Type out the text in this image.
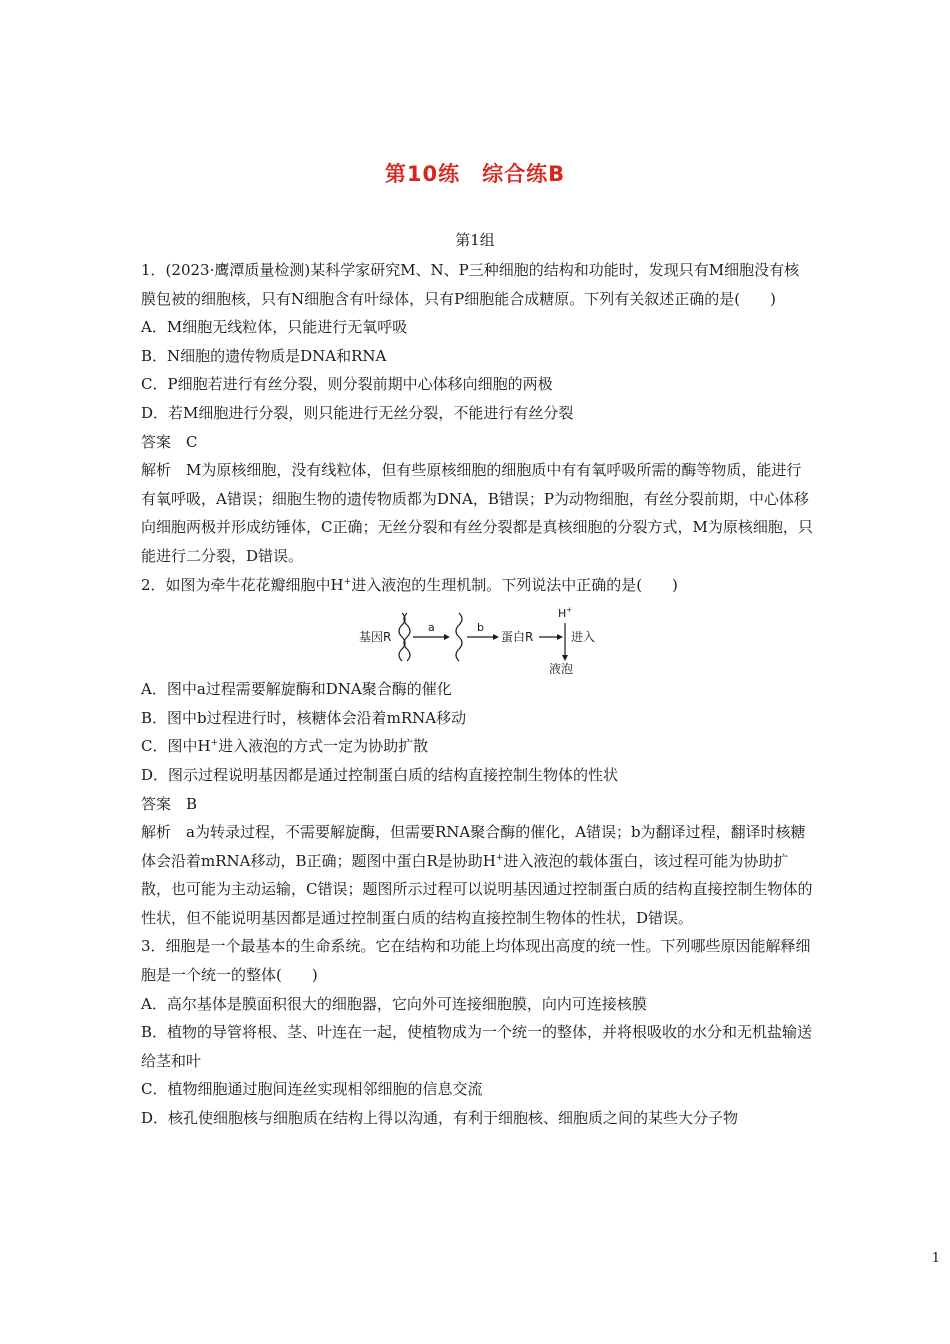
第10练　综合练B
第1组

1．(2023·鹰潭质量检测)某科学家研究M、N、P三种细胞的结构和功能时，发现只有M细胞没有核膜包被的细胞核，只有N细胞含有叶绿体，只有P细胞能合成糖原。下列有关叙述正确的是(　　)

A．M细胞无线粒体，只能进行无氧呼吸

B．N细胞的遗传物质是DNA和RNA

C．P细胞若进行有丝分裂，则分裂前期中心体移向细胞的两极

D．若M细胞进行分裂，则只能进行无丝分裂，不能进行有丝分裂

答案　C

解析　M为原核细胞，没有线粒体，但有些原核细胞的细胞质中有有氧呼吸所需的酶等物质，能进行有氧呼吸，A错误；细胞生物的遗传物质都为DNA，B错误；P为动物细胞，有丝分裂前期，中心体移向细胞两极并形成纺锤体，C正确；无丝分裂和有丝分裂都是真核细胞的分裂方式，M为原核细胞，只能进行二分裂，D错误。

2．如图为牵牛花花瓣细胞中H+进入液泡的生理机制。下列说法中正确的是(　　)

基因R
a	b
蛋白R
H+
进入
液泡

A．图中a过程需要解旋酶和DNA聚合酶的催化

B．图中b过程进行时，核糖体会沿着mRNA移动

C．图中H+进入液泡的方式一定为协助扩散

D．图示过程说明基因都是通过控制蛋白质的结构直接控制生物体的性状

答案　B

解析　a为转录过程，不需要解旋酶，但需要RNA聚合酶的催化，A错误；b为翻译过程，翻译时核糖体会沿着mRNA移动，B正确；题图中蛋白R是协助H+进入液泡的载体蛋白，该过程可能为协助扩散，也可能为主动运输，C错误；题图所示过程可以说明基因通过控制蛋白质的结构直接控制生物体的性状，但不能说明基因都是通过控制蛋白质的结构直接控制生物体的性状，D错误。

3．细胞是一个最基本的生命系统。它在结构和功能上均体现出高度的统一性。下列哪些原因能解释细胞是一个统一的整体(　　)

A．高尔基体是膜面积很大的细胞器，它向外可连接细胞膜，向内可连接核膜

B．植物的导管将根、茎、叶连在一起，使植物成为一个统一的整体，并将根吸收的水分和无机盐输送给茎和叶

C．植物细胞通过胞间连丝实现相邻细胞的信息交流

D．核孔使细胞核与细胞质在结构上得以沟通，有利于细胞核、细胞质之间的某些大分子物

1
